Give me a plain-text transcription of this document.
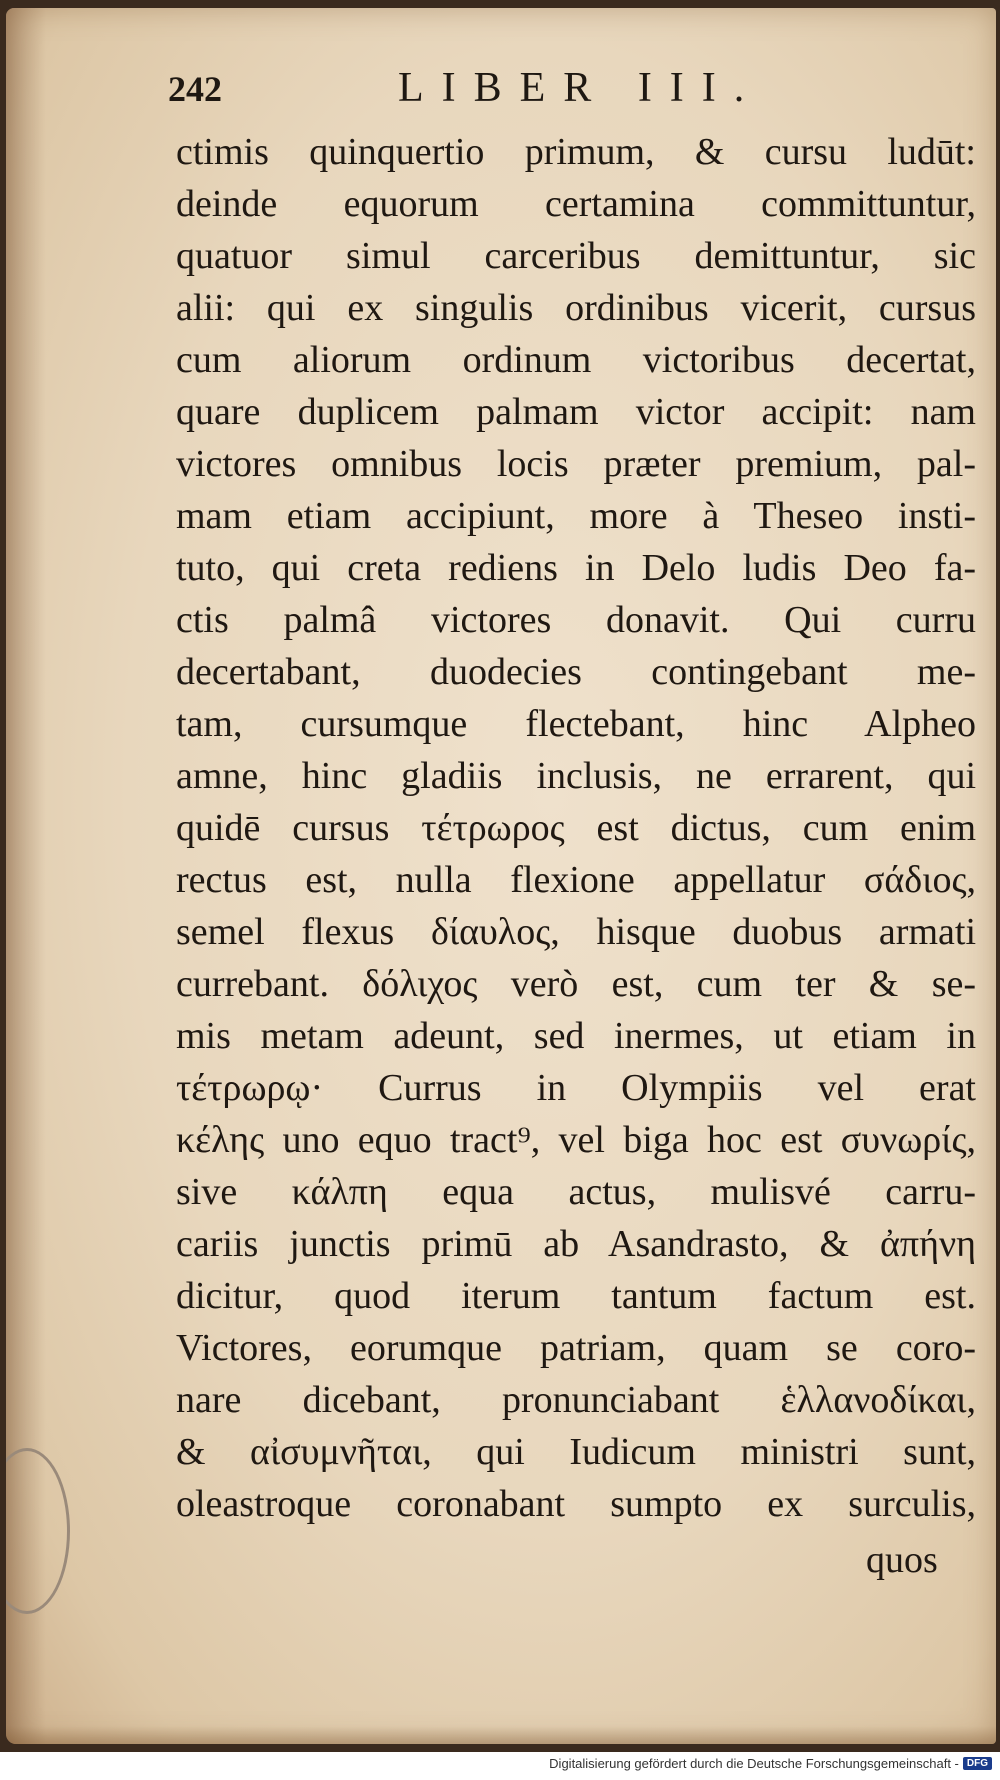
242	LIBER III.
ctimis quinquertio primum, & cursu ludūt:
deinde equorum certamina committuntur,
quatuor simul carceribus demittuntur, sic
alii: qui ex singulis ordinibus vicerit, cursus
cum aliorum ordinum victoribus decertat,
quare duplicem palmam victor accipit: nam
victores omnibus locis præter premium, pal-
mam etiam accipiunt, more à Theseo insti-
tuto, qui creta rediens in Delo ludis Deo fa-
ctis palmâ victores donavit. Qui curru
decertabant, duodecies contingebant me-
tam, cursumque flectebant, hinc Alpheo
amne, hinc gladiis inclusis, ne errarent, qui
quidē cursus τέτρωρος est dictus, cum enim
rectus est, nulla flexione appellatur σάδιος,
semel flexus δίαυλος, hisque duobus armati
currebant. δόλιχος verò est, cum ter & se-
mis metam adeunt, sed inermes, ut etiam in
τέτρωρῳ· Currus in Olympiis vel erat
κέλης uno equo tract⁹, vel biga hoc est συνωρίς,
sive κάλπη equa actus, mulisvé carru-
cariis junctis primū ab Asandrasto, & ἀπήνη
dicitur, quod iterum tantum factum est.
Victores, eorumque patriam, quam se coro-
nare dicebant, pronunciabant ἑλλανοδίκαι,
& αἰσυμνῆται, qui Iudicum ministri sunt,
oleastroque coronabant sumpto ex surculis,
quos
Digitalisierung gefördert durch die Deutsche Forschungsgemeinschaft - DFG
